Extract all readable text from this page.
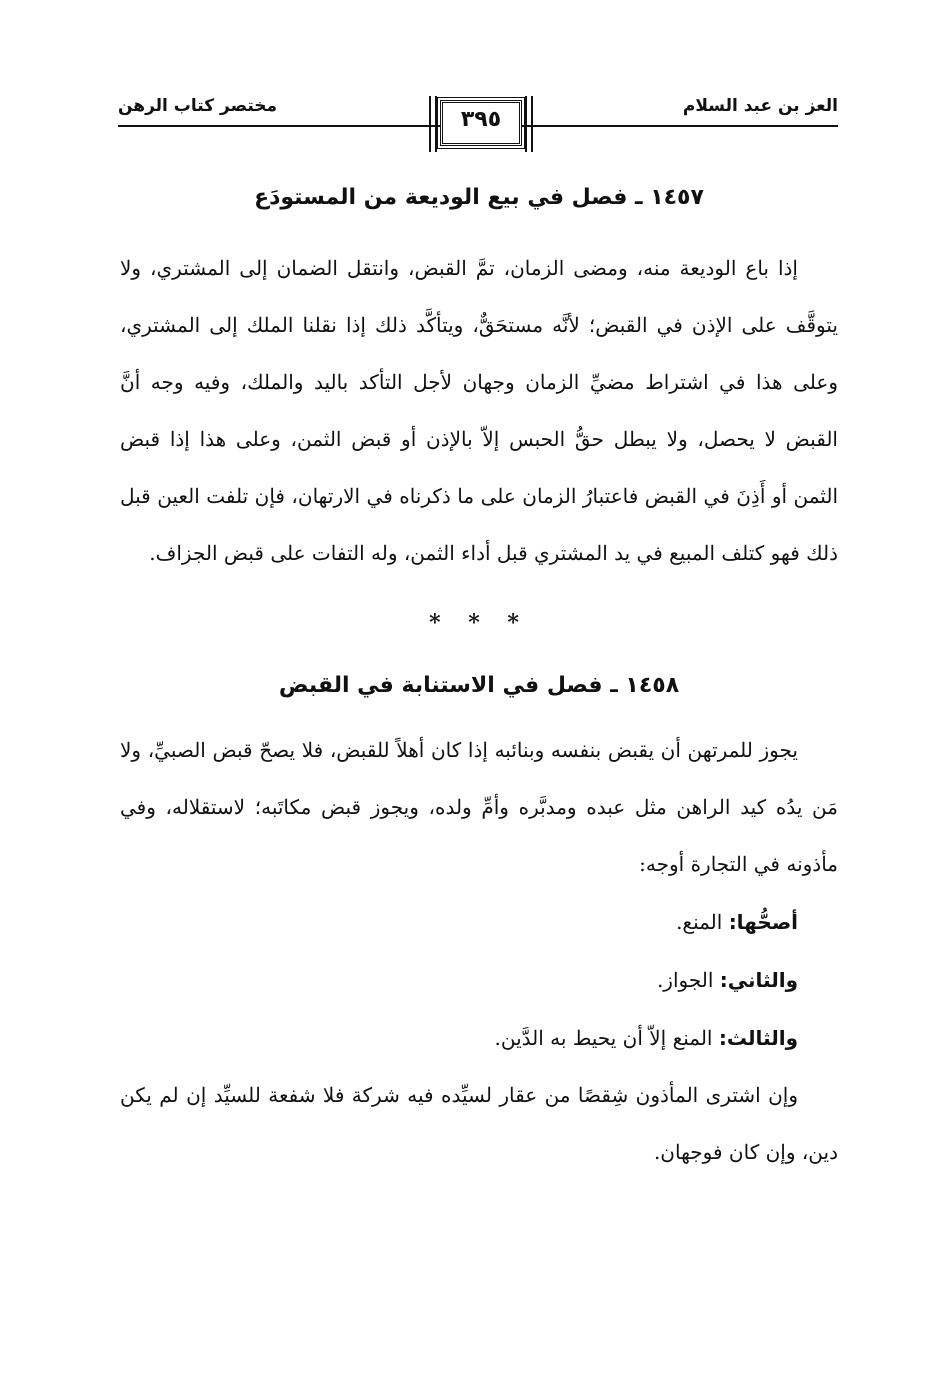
العز بن عبد السلام
مختصر كتاب الرهن
٣٩٥
١٤٥٧ ـ فصل في بيع الوديعة من المستودَع

إذا باع الوديعة منه، ومضى الزمان، تمَّ القبض، وانتقل الضمان إلى المشتري، ولا يتوقَّف على الإذن في القبض؛ لأنَّه مستحَقٌّ، ويتأكَّد ذلك إذا نقلنا الملك إلى المشتري، وعلى هذا في اشتراط مضيِّ الزمان وجهان لأجل التأكد باليد والملك، وفيه وجه أنَّ القبض لا يحصل، ولا يبطل حقُّ الحبس إلاّ بالإذن أو قبض الثمن، وعلى هذا إذا قبض الثمن أو أَذِنَ في القبض فاعتبارُ الزمان على ما ذكرناه في الارتهان، فإن تلفت العين قبل ذلك فهو كتلف المبيع في يد المشتري قبل أداء الثمن، وله التفات على قبض الجزاف.

* * *
١٤٥٨ ـ فصل في الاستنابة في القبض

يجوز للمرتهن أن يقبض بنفسه وبنائبه إذا كان أهلاً للقبض، فلا يصحّ قبض الصبيِّ، ولا مَن يدُه كيد الراهن مثل عبده ومدبَّره وأمِّ ولده، ويجوز قبض مكاتَبه؛ لاستقلاله، وفي مأذونه في التجارة أوجه:

أصحُّها: المنع.
والثاني: الجواز.
والثالث: المنع إلاّ أن يحيط به الدَّين.

وإن اشترى المأذون شِقصًا من عقار لسيِّده فيه شركة فلا شفعة للسيِّد إن لم يكن دين، وإن كان فوجهان.
